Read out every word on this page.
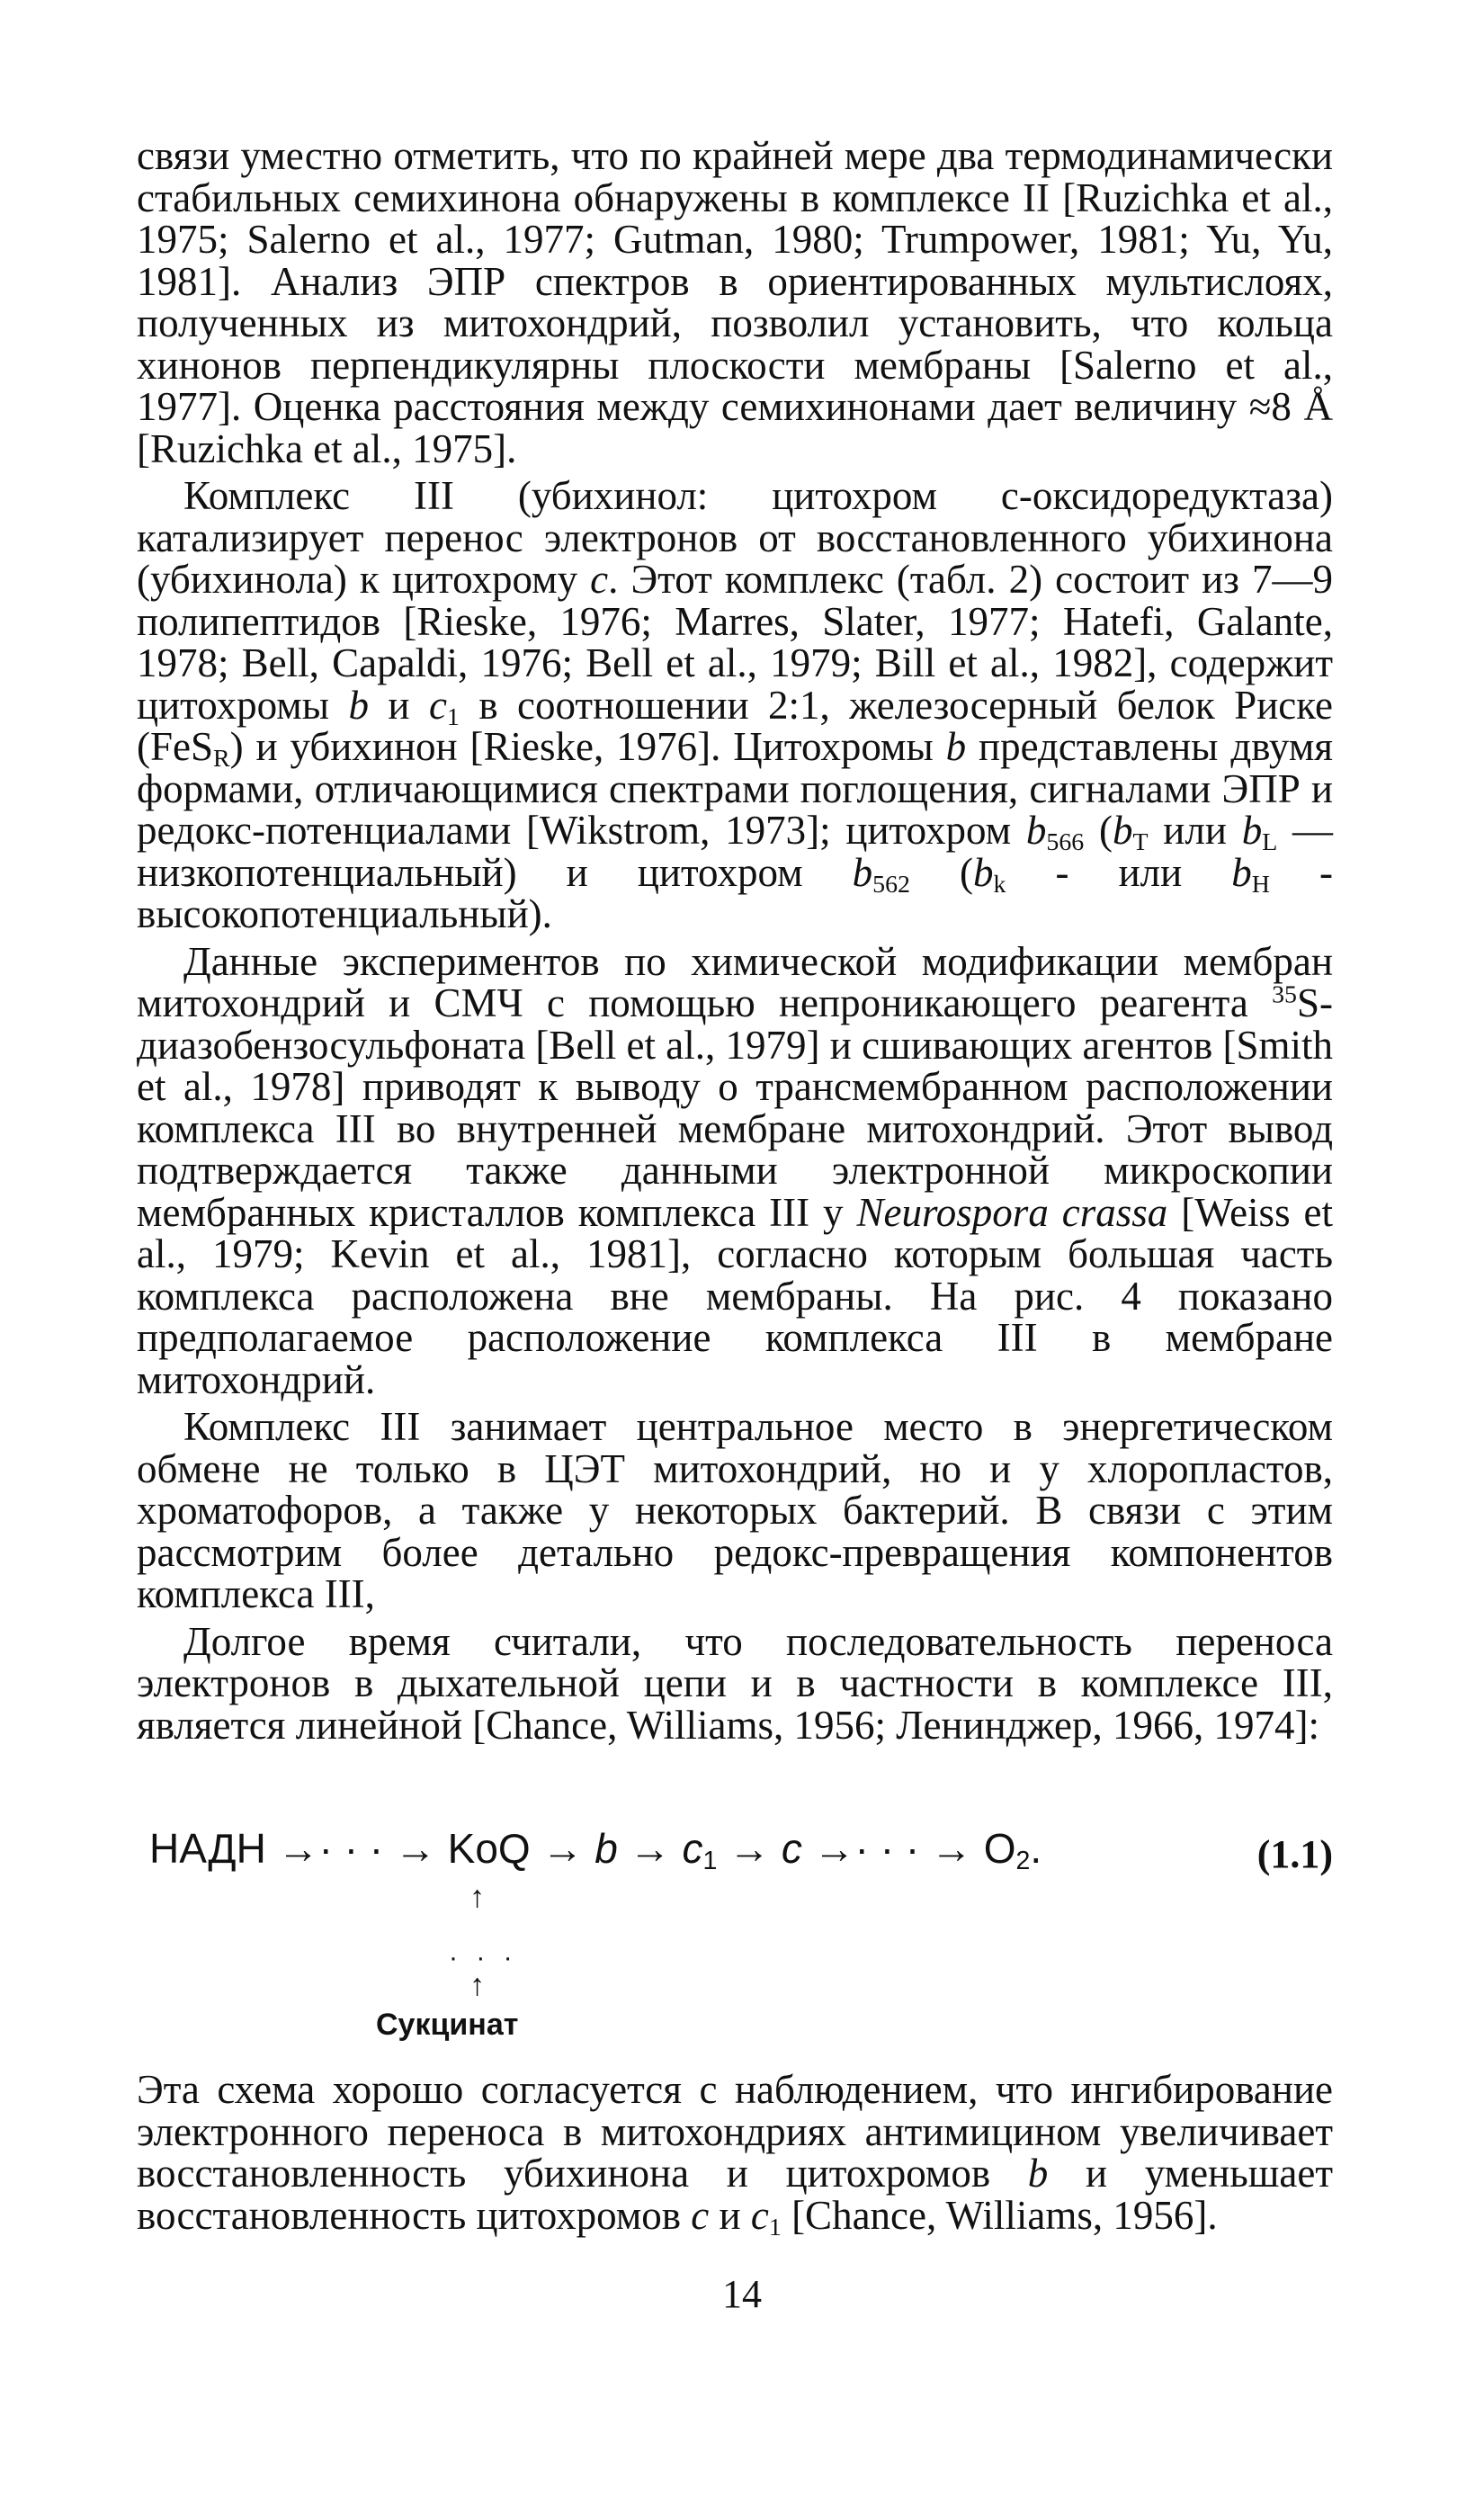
связи уместно отметить, что по крайней мере два термодинамически стабильных семихинона обнаружены в комплексе II [Ruzichka et al., 1975; Salerno et al., 1977; Gutman, 1980; Trumpower, 1981; Yu, Yu, 1981]. Анализ ЭПР спектров в ориентированных мультислоях, полученных из митохондрий, позволил установить, что кольца хинонов перпендикулярны плоскости мембраны [Salerno et al., 1977]. Оценка расстояния между семихинонами дает величину ≈8 Å [Ruzichka et al., 1975].

Комплекс III (убихинол: цитохром с-оксидоредуктаза) катализирует перенос электронов от восстановленного убихинона (убихинола) к цитохрому c. Этот комплекс (табл. 2) состоит из 7—9 полипептидов [Rieske, 1976; Marres, Slater, 1977; Hatefi, Galante, 1978; Bell, Capaldi, 1976; Bell et al., 1979; Bill et al., 1982], содержит цитохромы b и $c_1$ в соотношении 2:1, железосерный белок Риске (FeS$_R$) и убихинон [Rieske, 1976]. Цитохромы b представлены двумя формами, отличающимися спектрами поглощения, сигналами ЭПР и редокс-потенциалами [Wikstrom, 1973]; цитохром $b_{566}$ ($b_T$ или $b_L$ — низкопотенциальный) и цитохром $b_{562}$ ($b_k$ - или $b_H$ - высокопотенциальный).

Данные экспериментов по химической модификации мембран митохондрий и СМЧ с помощью непроникающего реагента $^{35}$S-диазобензосульфоната [Bell et al., 1979] и сшивающих агентов [Smith et al., 1978] приводят к выводу о трансмембранном расположении комплекса III во внутренней мембране митохондрий. Этот вывод подтверждается также данными электронной микроскопии мембранных кристаллов комплекса III у Neurospora crassa [Weiss et al., 1979; Kevin et al., 1981], согласно которым большая часть комплекса расположена вне мембраны. На рис. 4 показано предполагаемое расположение комплекса III в мембране митохондрий.

Комплекс III занимает центральное место в энергетическом обмене не только в ЦЭТ митохондрий, но и у хлоропластов, хроматофоров, а также у некоторых бактерий. В связи с этим рассмотрим более детально редокс-превращения компонентов комплекса III,

Долгое время считали, что последовательность переноса электронов в дыхательной цепи и в частности в комплексе III, является линейной [Chance, Williams, 1956; Ленинджер, 1966, 1974]:

НАДН →· · · → KoQ → $b \to c_1 \to c$ →· · · → $O_2$.	(1.1)
↑
· · ·
↑
Сукцинат

Эта схема хорошо согласуется с наблюдением, что ингибирование электронного переноса в митохондриях антимицином увеличивает восстановленность убихинона и цитохромов b и уменьшает восстановленность цитохромов c и $c_1$ [Chance, Williams, 1956].

14
